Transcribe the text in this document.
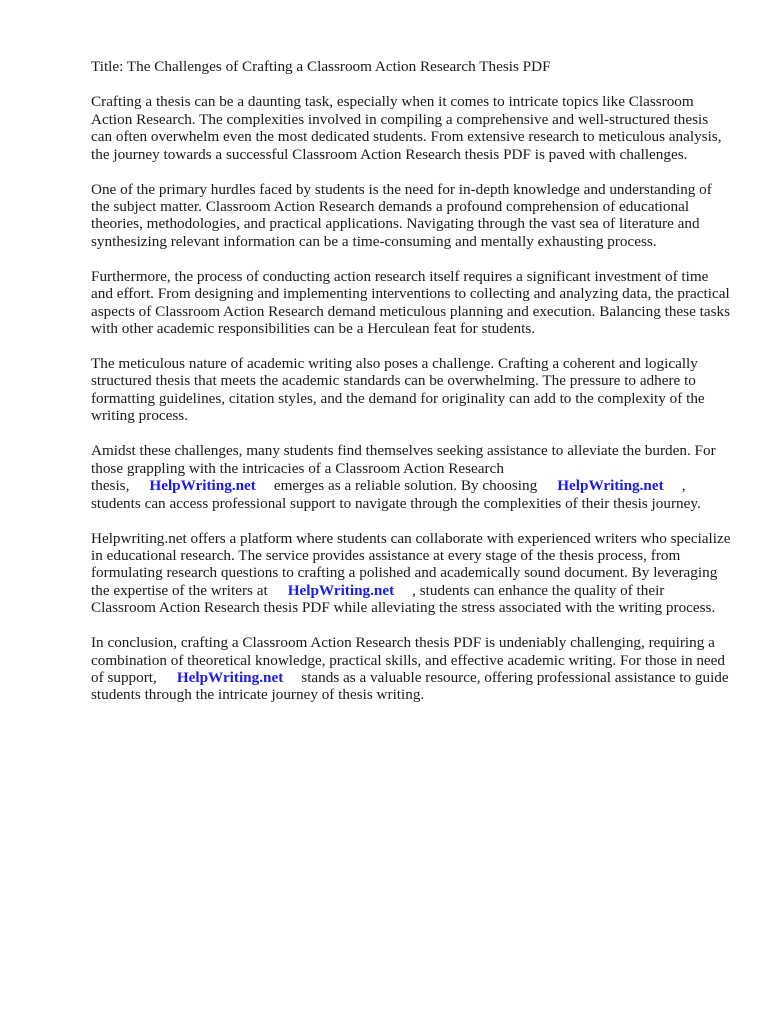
Title: The Challenges of Crafting a Classroom Action Research Thesis PDF

Crafting a thesis can be a daunting task, especially when it comes to intricate topics like Classroom Action Research. The complexities involved in compiling a comprehensive and well-structured thesis can often overwhelm even the most dedicated students. From extensive research to meticulous analysis, the journey towards a successful Classroom Action Research thesis PDF is paved with challenges.

One of the primary hurdles faced by students is the need for in-depth knowledge and understanding of the subject matter. Classroom Action Research demands a profound comprehension of educational theories, methodologies, and practical applications. Navigating through the vast sea of literature and synthesizing relevant information can be a time-consuming and mentally exhausting process.

Furthermore, the process of conducting action research itself requires a significant investment of time and effort. From designing and implementing interventions to collecting and analyzing data, the practical aspects of Classroom Action Research demand meticulous planning and execution. Balancing these tasks with other academic responsibilities can be a Herculean feat for students.

The meticulous nature of academic writing also poses a challenge. Crafting a coherent and logically structured thesis that meets the academic standards can be overwhelming. The pressure to adhere to formatting guidelines, citation styles, and the demand for originality can add to the complexity of the writing process.

Amidst these challenges, many students find themselves seeking assistance to alleviate the burden. For those grappling with the intricacies of a Classroom Action Research thesis, HelpWriting.net emerges as a reliable solution. By choosing HelpWriting.net , students can access professional support to navigate through the complexities of their thesis journey.

Helpwriting.net offers a platform where students can collaborate with experienced writers who specialize in educational research. The service provides assistance at every stage of the thesis process, from formulating research questions to crafting a polished and academically sound document. By leveraging the expertise of the writers at HelpWriting.net , students can enhance the quality of their Classroom Action Research thesis PDF while alleviating the stress associated with the writing process.

In conclusion, crafting a Classroom Action Research thesis PDF is undeniably challenging, requiring a combination of theoretical knowledge, practical skills, and effective academic writing. For those in need of support, HelpWriting.net stands as a valuable resource, offering professional assistance to guide students through the intricate journey of thesis writing.
